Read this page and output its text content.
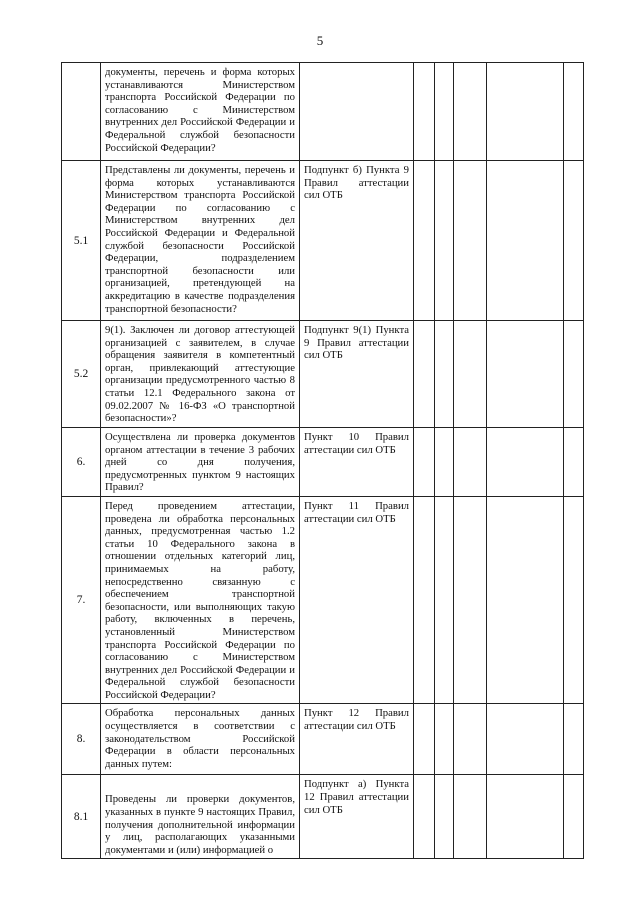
5

	документы, перечень и форма которых устанавливаются Министерством транспорта Российской Федерации по согласованию с Министерством внутренних дел Российской Федерации и Федеральной службой безопасности Российской Федерации?						

5.1	Представлены ли документы, перечень и форма которых устанавливаются Министерством транспорта Российской Федерации по согласованию с Министерством внутренних дел Российской Федерации и Федеральной службой безопасности Российской Федерации, подразделением транспортной безопасности или организацией, претендующей на аккредитацию в качестве подразделения транспортной безопасности?	Подпункт б) Пункта 9 Правил аттестации сил ОТБ					

5.2	9(1). Заключен ли договор аттестующей организацией с заявителем, в случае обращения заявителя в компетентный орган, привлекающий аттестующие организации предусмотренного частью 8 статьи 12.1 Федерального закона от 09.02.2007 № 16-ФЗ «О транспортной безопасности»?	Подпункт 9(1) Пункта 9 Правил аттестации сил ОТБ					

6.	Осуществлена ли проверка документов органом аттестации в течение 3 рабочих дней со дня получения, предусмотренных пунктом 9 настоящих Правил?	Пункт 10 Правил аттестации сил ОТБ					

7.	Перед проведением аттестации, проведена ли обработка персональных данных, предусмотренная частью 1.2 статьи 10 Федерального закона в отношении отдельных категорий лиц, принимаемых на работу, непосредственно связанную с обеспечением транспортной безопасности, или выполняющих такую работу, включенных в перечень, установленный Министерством транспорта Российской Федерации по согласованию с Министерством внутренних дел Российской Федерации и Федеральной службой безопасности Российской Федерации?	Пункт 11 Правил аттестации сил ОТБ					

8.	Обработка персональных данных осуществляется в соответствии с законодательством Российской Федерации в области персональных данных путем:	Пункт 12 Правил аттестации сил ОТБ					

8.1	Проведены ли проверки документов, указанных в пункте 9 настоящих Правил, получения дополнительной информации у лиц, располагающих указанными документами и (или) информацией о	Подпункт а) Пункта 12 Правил аттестации сил ОТБ					
